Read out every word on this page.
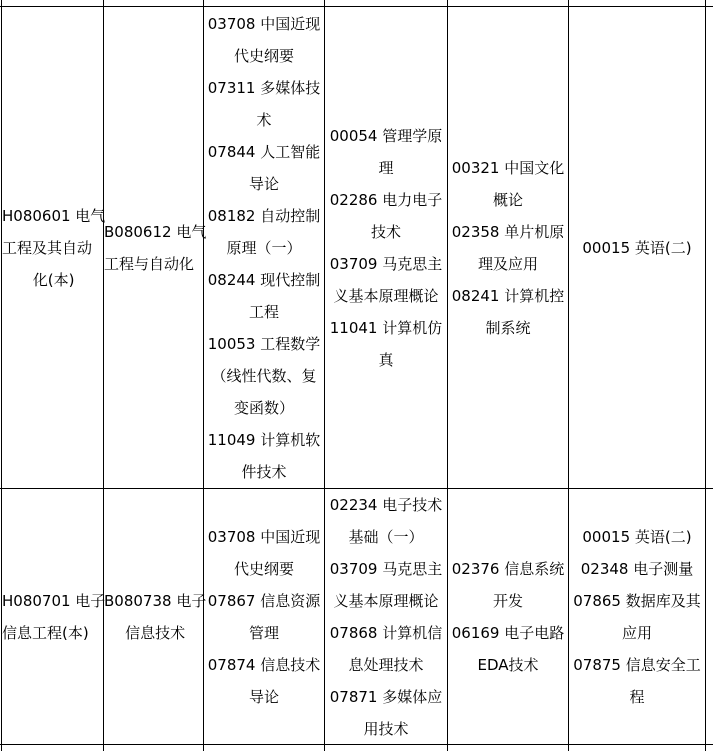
H080601 电气
工程及其自动
化(本)
B080612 电气
工程与自动化
03708 中国近现
代史纲要
07311 多媒体技
术
07844 人工智能
导论
08182 自动控制
原理（一）
08244 现代控制
工程
10053 工程数学
（线性代数、复
变函数）
11049 计算机软
件技术
00054 管理学原
理
02286 电力电子
技术
03709 马克思主
义基本原理概论
11041 计算机仿
真
00321 中国文化
概论
02358 单片机原
理及应用
08241 计算机控
制系统
00015 英语(二)
H080701 电子
信息工程(本)
B080738 电子
信息技术
03708 中国近现
代史纲要
07867 信息资源
管理
07874 信息技术
导论
02234 电子技术
基础（一）
03709 马克思主
义基本原理概论
07868 计算机信
息处理技术
07871 多媒体应
用技术
02376 信息系统
开发
06169 电子电路
EDA技术
00015 英语(二)
02348 电子测量
07865 数据库及其
应用
07875 信息安全工
程
